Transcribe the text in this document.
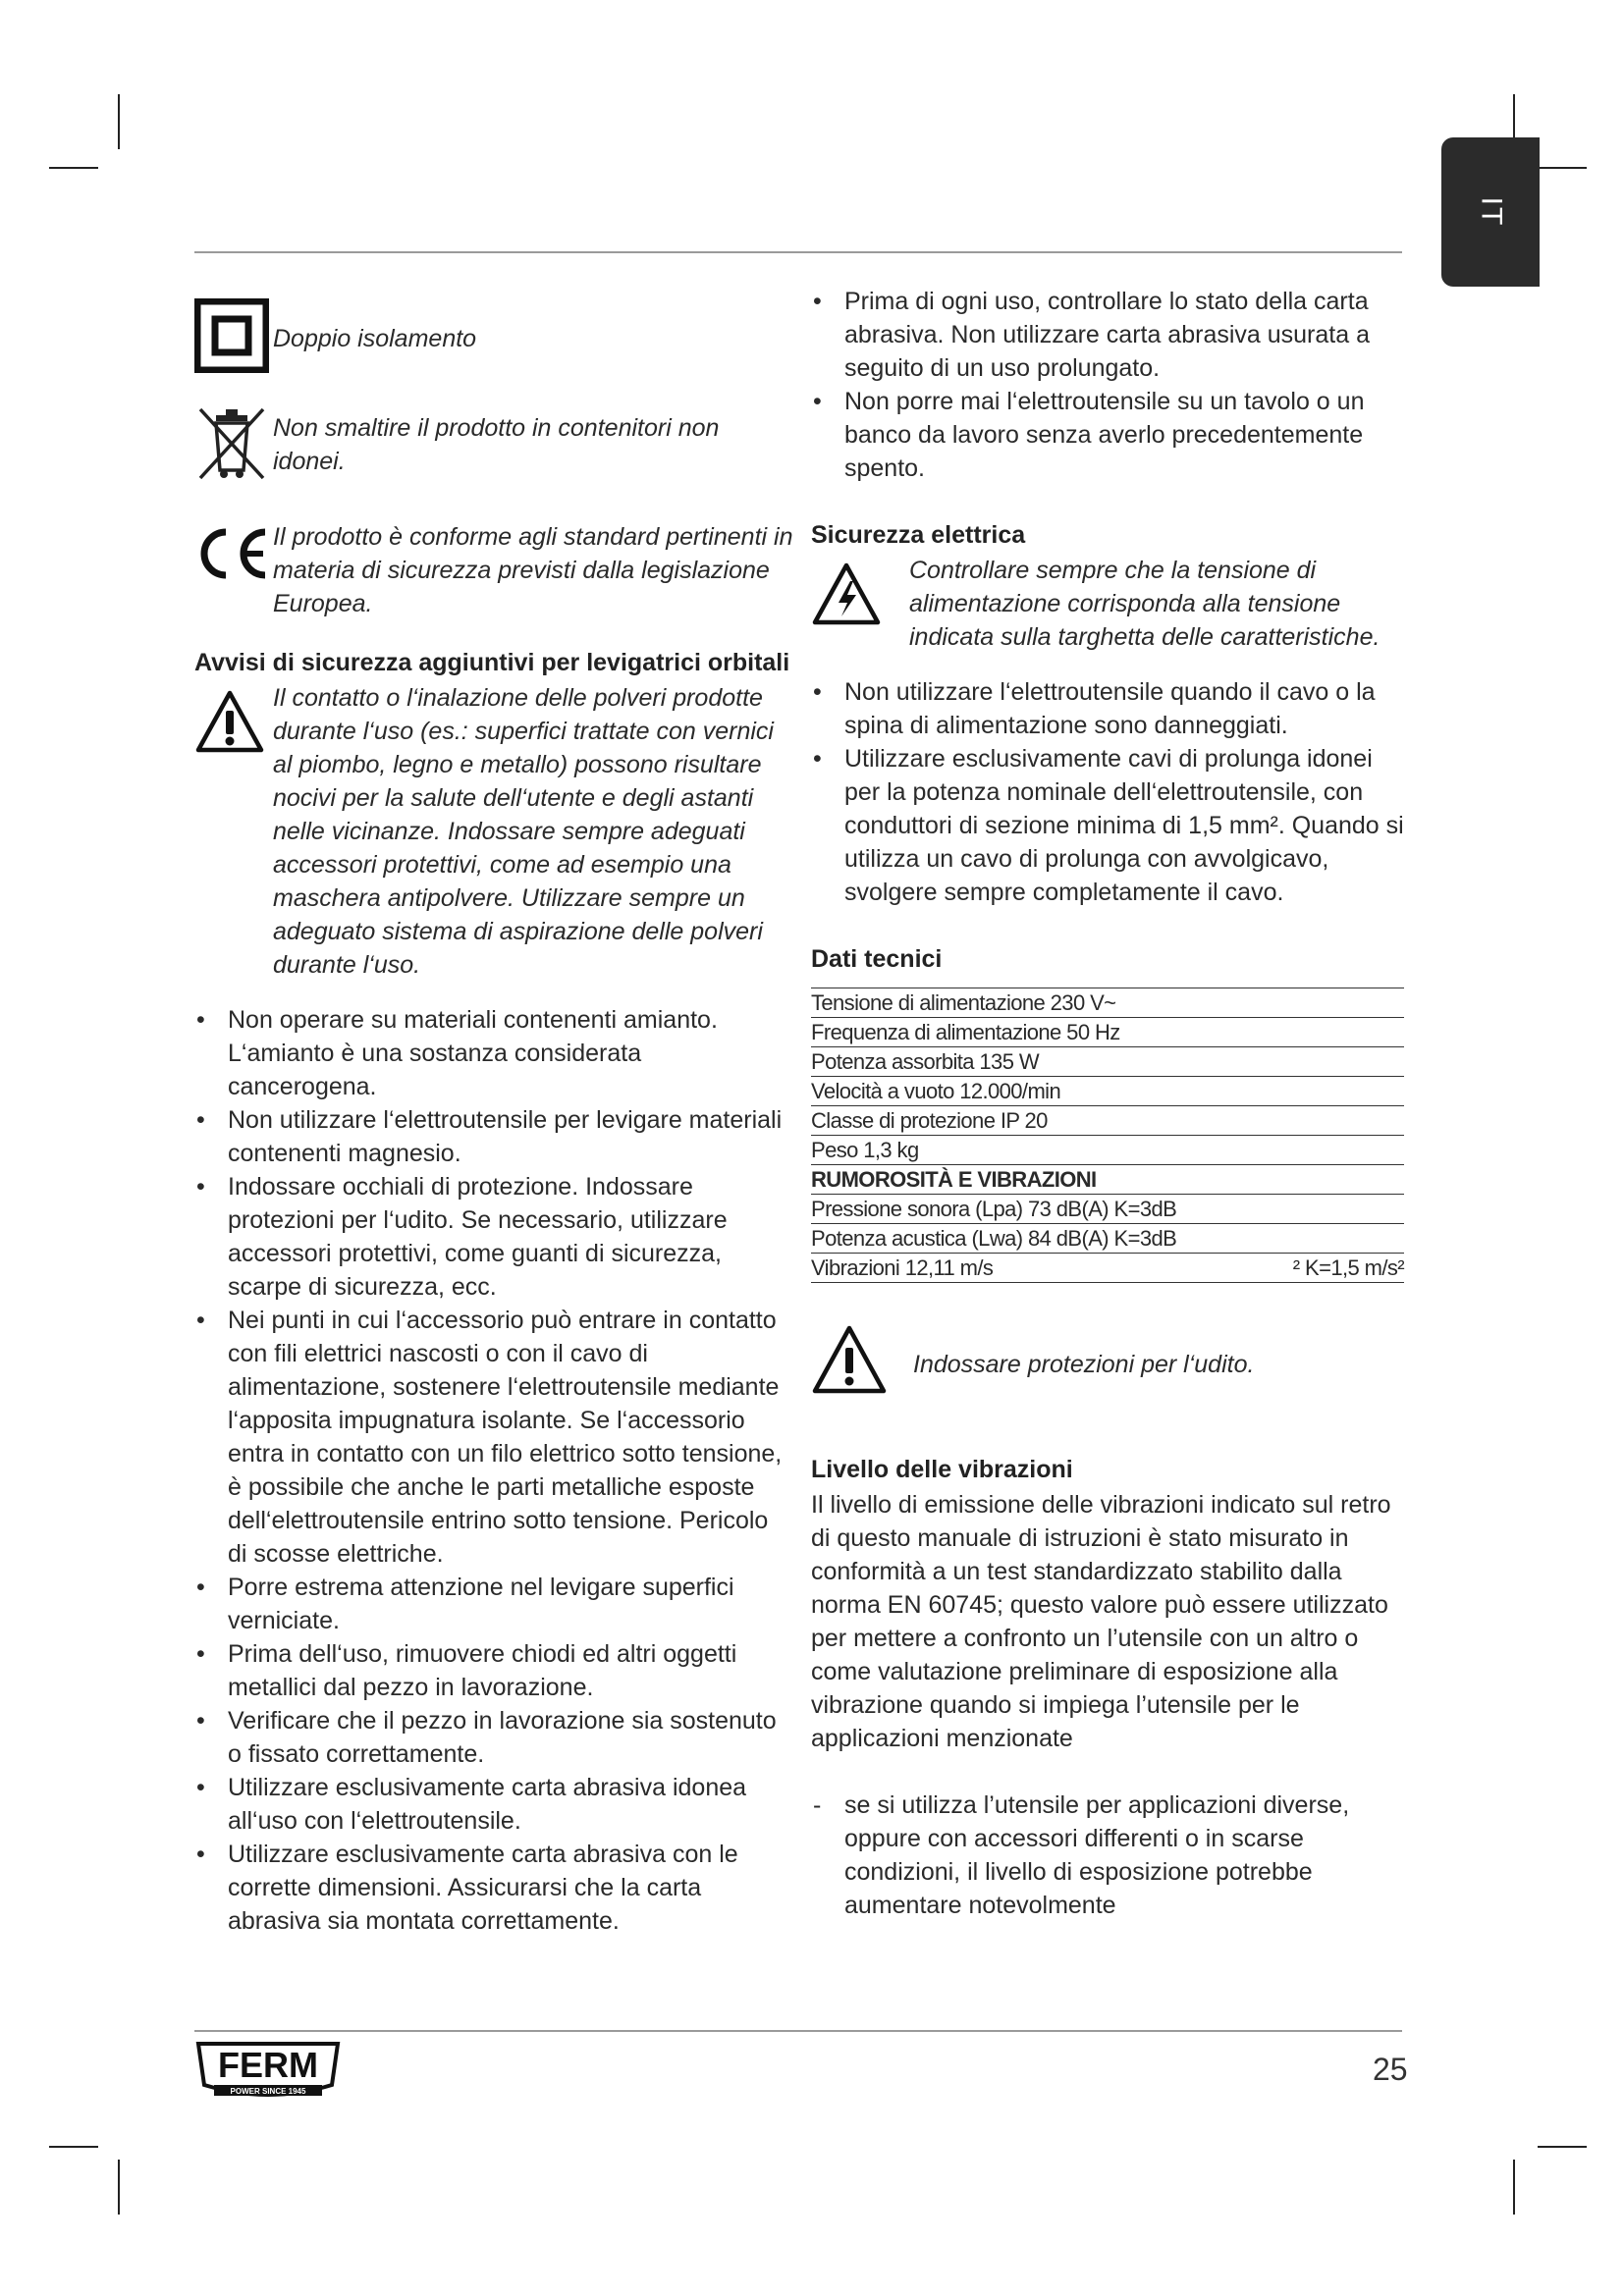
IT
Doppio isolamento
Non smaltire il prodotto in contenitori non idonei.
Il prodotto è conforme agli standard pertinenti in materia di sicurezza previsti dalla legislazione Europea.
Avvisi di sicurezza aggiuntivi per levigatrici orbitali
Il contatto o l‘inalazione delle polveri prodotte durante l‘uso (es.: superfici trattate con vernici al piombo, legno e metallo) possono risultare nocivi per la salute dell‘utente e degli astanti nelle vicinanze. Indossare sempre adeguati accessori protettivi, come ad esempio una maschera antipolvere. Utilizzare sempre un adeguato sistema di aspirazione delle polveri durante l‘uso.
• Non operare su materiali contenenti amianto. L‘amianto è una sostanza considerata cancerogena.
• Non utilizzare l‘elettroutensile per levigare materiali contenenti magnesio.
• Indossare occhiali di protezione. Indossare protezioni per l‘udito. Se necessario, utilizzare accessori protettivi, come guanti di sicurezza, scarpe di sicurezza, ecc.
• Nei punti in cui l‘accessorio può entrare in contatto con fili elettrici nascosti o con il cavo di alimentazione, sostenere l‘elettroutensile mediante l‘apposita impugnatura isolante. Se l‘accessorio entra in contatto con un filo elettrico sotto tensione, è possibile che anche le parti metalliche esposte dell‘elettroutensile entrino sotto tensione. Pericolo di scosse elettriche.
• Porre estrema attenzione nel levigare superfici verniciate.
• Prima dell‘uso, rimuovere chiodi ed altri oggetti metallici dal pezzo in lavorazione.
• Verificare che il pezzo in lavorazione sia sostenuto o fissato correttamente.
• Utilizzare esclusivamente carta abrasiva idonea all‘uso con l‘elettroutensile.
• Utilizzare esclusivamente carta abrasiva con le corrette dimensioni. Assicurarsi che la carta abrasiva sia montata correttamente.
• Prima di ogni uso, controllare lo stato della carta abrasiva. Non utilizzare carta abrasiva usurata a seguito di un uso prolungato.
• Non porre mai l‘elettroutensile su un tavolo o un banco da lavoro senza averlo precedentemente spento.
Sicurezza elettrica
Controllare sempre che la tensione di alimentazione corrisponda alla tensione indicata sulla targhetta delle caratteristiche.
• Non utilizzare l‘elettroutensile quando il cavo o la spina di alimentazione sono danneggiati.
• Utilizzare esclusivamente cavi di prolunga idonei per la potenza nominale dell‘elettroutensile, con conduttori di sezione minima di 1,5 mm². Quando si utilizza un cavo di prolunga con avvolgicavo, svolgere sempre completamente il cavo.
Dati tecnici
Tensione di alimentazione 230 V~	
Frequenza di alimentazione 50 Hz	
Potenza assorbita 135 W	
Velocità a vuoto 12.000/min	
Classe di protezione IP 20	
Peso 1,3 kg	
RUMOROSITÀ E VIBRAZIONI	
Pressione sonora (Lpa) 73 dB(A) K=3dB	
Potenza acustica (Lwa) 84 dB(A) K=3dB	
Vibrazioni 12,11 m/s	² K=1,5 m/s²
Indossare protezioni per l‘udito.
Livello delle vibrazioni

Il livello di emissione delle vibrazioni indicato sul retro di questo manuale di istruzioni è stato misurato in conformità a un test standardizzato stabilito dalla norma EN 60745; questo valore può essere utilizzato per mettere a confronto un l’utensile con un altro o come valutazione preliminare di esposizione alla vibrazione quando si impiega l’utensile per le applicazioni menzionate

- se si utilizza l’utensile per applicazioni diverse, oppure con accessori differenti o in scarse condizioni, il livello di esposizione potrebbe aumentare notevolmente
FERM
POWER SINCE 1945
25
